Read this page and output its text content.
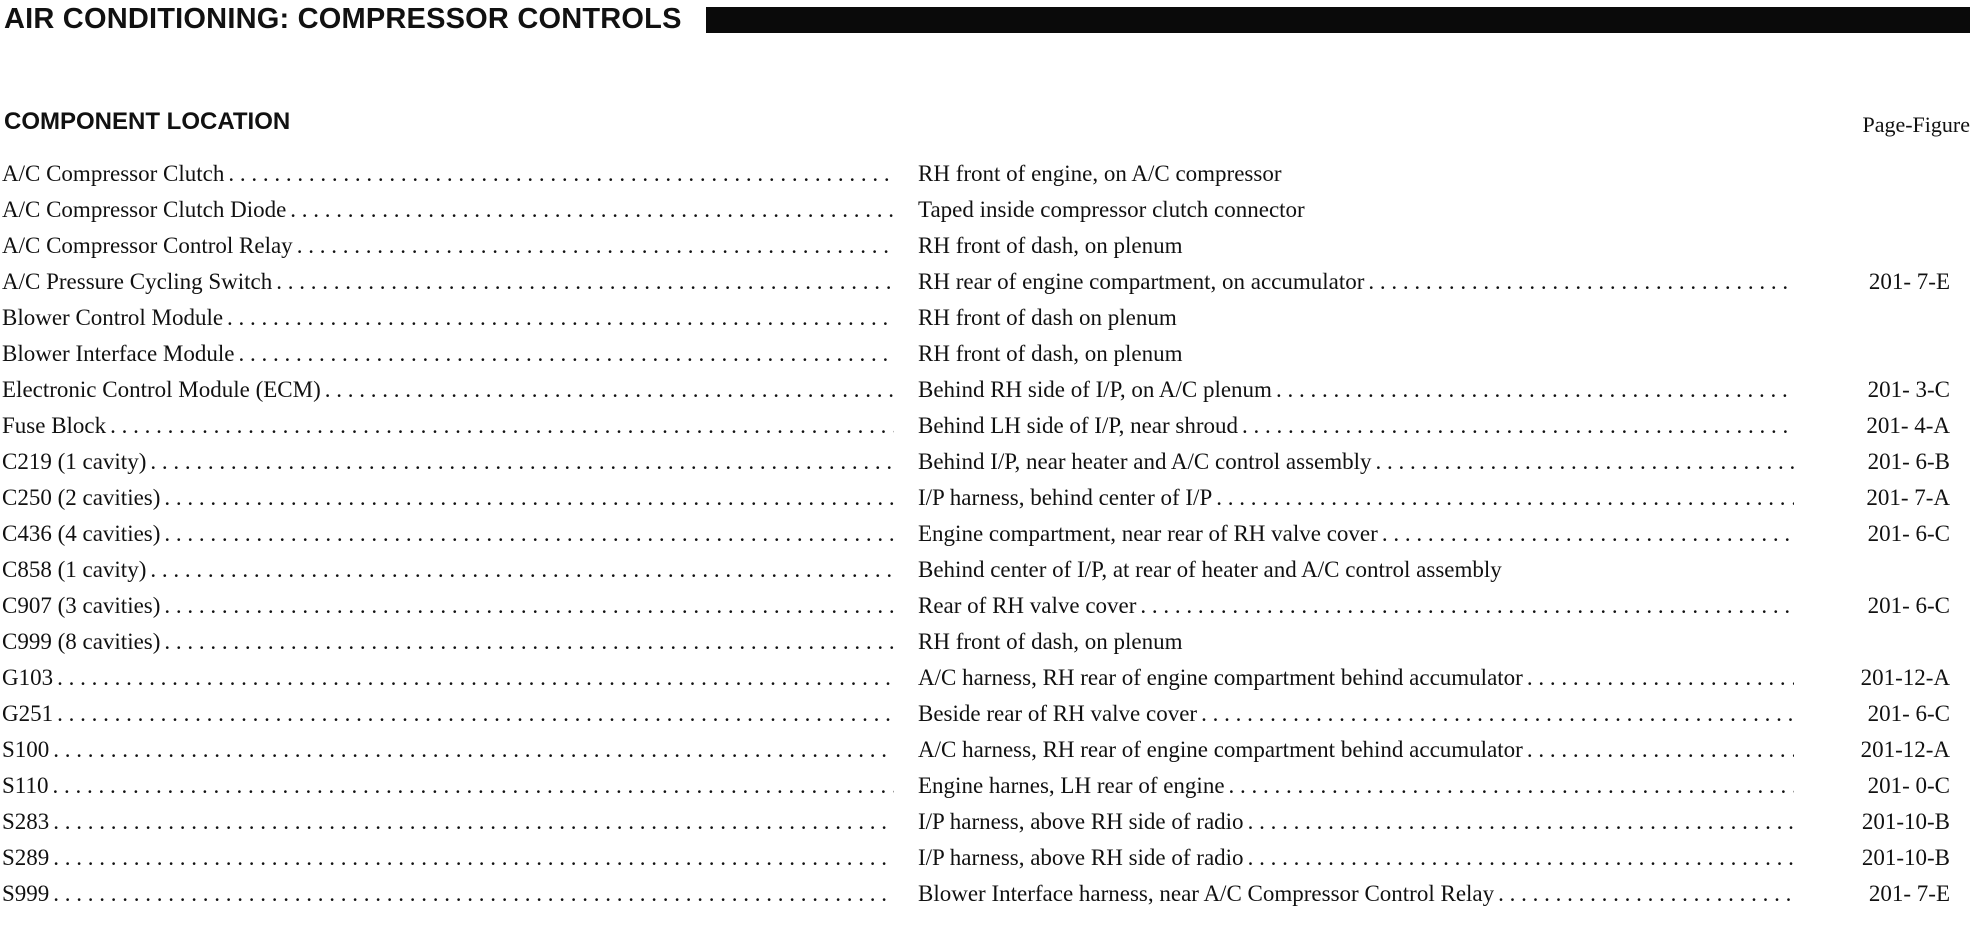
AIR CONDITIONING: COMPRESSOR CONTROLS
COMPONENT LOCATION	Page-Figure
A/C Compressor Clutch . . .	RH front of engine, on A/C compressor
A/C Compressor Clutch Diode . . .	Taped inside compressor clutch connector
A/C Compressor Control Relay . . .	RH front of dash, on plenum
A/C Pressure Cycling Switch . . .	RH rear of engine compartment, on accumulator . . .	201- 7-E
Blower Control Module . . .	RH front of dash on plenum
Blower Interface Module . . .	RH front of dash, on plenum
Electronic Control Module (ECM) . . .	Behind RH side of I/P, on A/C plenum . . .	201- 3-C
Fuse Block . . .	Behind LH side of I/P, near shroud . . .	201- 4-A
C219 (1 cavity) . . .	Behind I/P, near heater and A/C control assembly . . .	201- 6-B
C250 (2 cavities) . . .	I/P harness, behind center of I/P . . .	201- 7-A
C436 (4 cavities) . . .	Engine compartment, near rear of RH valve cover . . .	201- 6-C
C858 (1 cavity) . . .	Behind center of I/P, at rear of heater and A/C control assembly
C907 (3 cavities) . . .	Rear of RH valve cover . . .	201- 6-C
C999 (8 cavities) . . .	RH front of dash, on plenum
G103 . . .	A/C harness, RH rear of engine compartment behind accumulator . . .	201-12-A
G251 . . .	Beside rear of RH valve cover . . .	201- 6-C
S100 . . .	A/C harness, RH rear of engine compartment behind accumulator . . .	201-12-A
S110 . . .	Engine harnes, LH rear of engine . . .	201- 0-C
S283 . . .	I/P harness, above RH side of radio . . .	201-10-B
S289 . . .	I/P harness, above RH side of radio . . .	201-10-B
S999 . . .	Blower Interface harness, near A/C Compressor Control Relay . . .	201- 7-E
